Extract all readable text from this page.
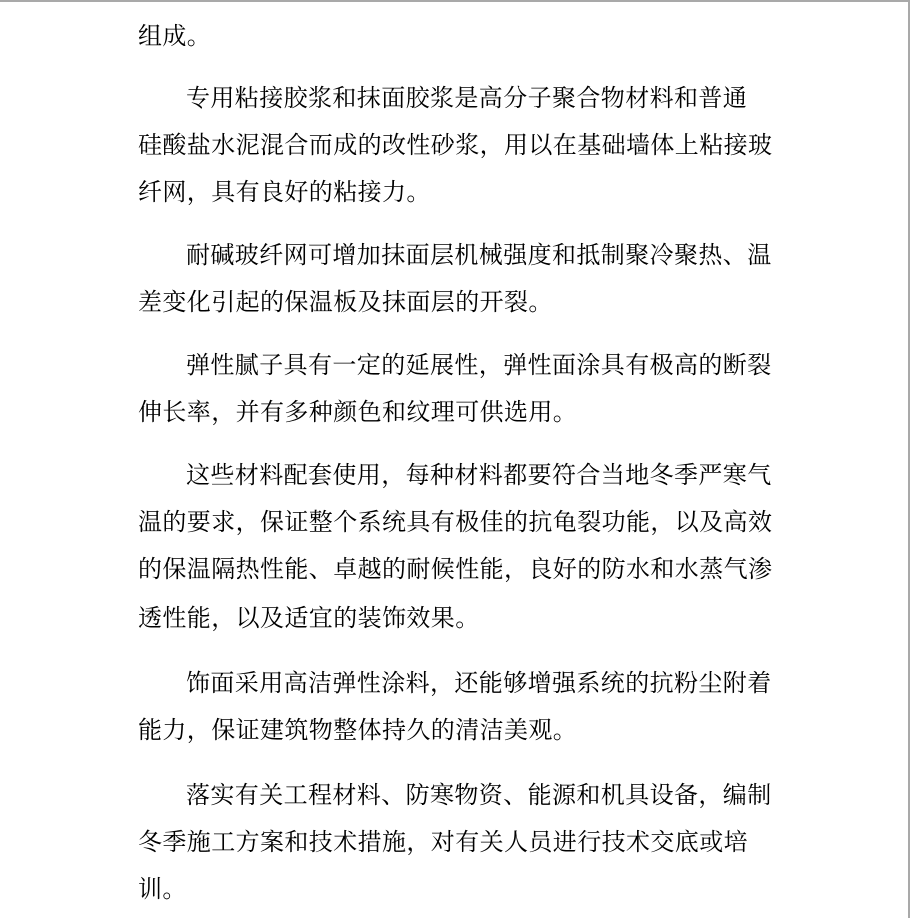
组成。

专用粘接胶浆和抹面胶浆是高分子聚合物材料和普通

硅酸盐水泥混合而成的改性砂浆，用以在基础墙体上粘接玻

纤网，具有良好的粘接力。

耐碱玻纤网可增加抹面层机械强度和抵制聚冷聚热、温

差变化引起的保温板及抹面层的开裂。

弹性腻子具有一定的延展性，弹性面涂具有极高的断裂

伸长率，并有多种颜色和纹理可供选用。

这些材料配套使用，每种材料都要符合当地冬季严寒气

温的要求，保证整个系统具有极佳的抗龟裂功能，以及高效

的保温隔热性能、卓越的耐候性能，良好的防水和水蒸气渗

透性能，以及适宜的装饰效果。

饰面采用高洁弹性涂料，还能够增强系统的抗粉尘附着

能力，保证建筑物整体持久的清洁美观。

落实有关工程材料、防寒物资、能源和机具设备，编制

冬季施工方案和技术措施，对有关人员进行技术交底或培

训。
